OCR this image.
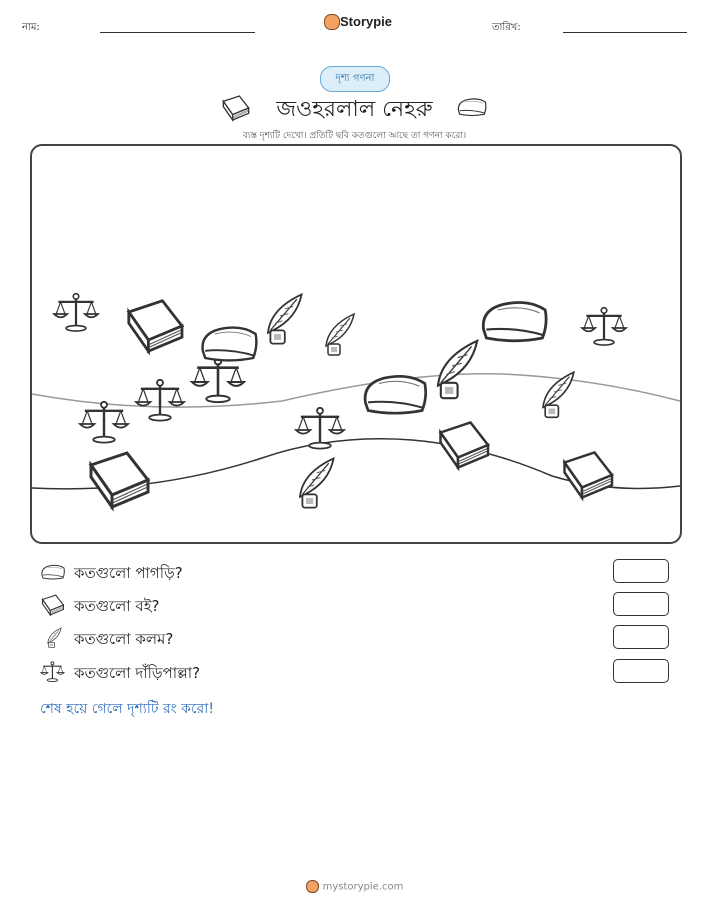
নাম:	Storypie	তারিখ:
দৃশ্য গণনা
জওহরলাল নেহরু
ব্যস্ত দৃশ্যটি দেখো। প্রতিটি ছবি কতগুলো আছে তা গণনা করো।
কতগুলো পাগড়ি?
কতগুলো বই?
কতগুলো কলম?
কতগুলো দাঁড়িপাল্লা?
শেষ হয়ে গেলে দৃশ্যটি রং করো!
mystorypie.com
